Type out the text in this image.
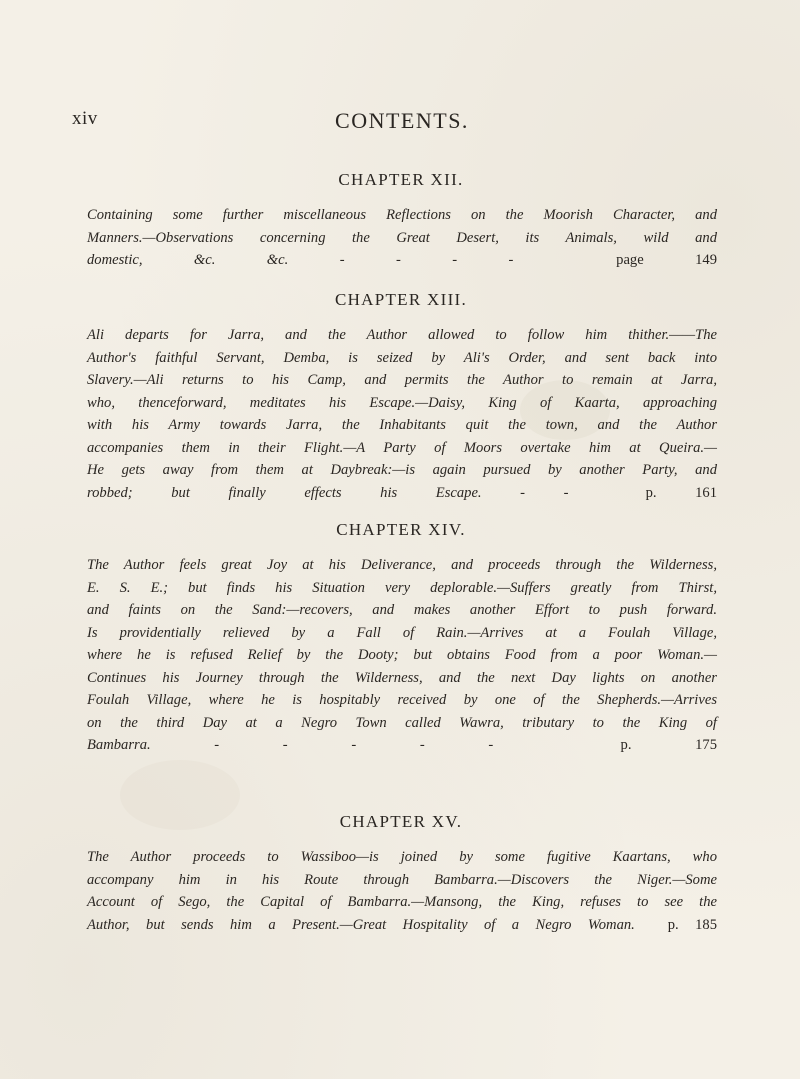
xiv	CONTENTS.
CHAPTER XII.

Containing some further miscellaneous Reflections on the Moorish Character, and
Manners.—Observations concerning the Great Desert, its Animals, wild and
domestic, &c. &c. - - - -	page 149

CHAPTER XIII.

Ali departs for Jarra, and the Author allowed to follow him thither.——The
Author's faithful Servant, Demba, is seized by Ali's Order, and sent back into
Slavery.—Ali returns to his Camp, and permits the Author to remain at Jarra,
who, thenceforward, meditates his Escape.—Daisy, King of Kaarta, approaching
with his Army towards Jarra, the Inhabitants quit the town, and the Author
accompanies them in their Flight.—A Party of Moors overtake him at Queira.—
He gets away from them at Daybreak:—is again pursued by another Party, and
robbed; but finally effects his Escape. - -	p. 161

CHAPTER XIV.

The Author feels great Joy at his Deliverance, and proceeds through the Wilderness,
E. S. E.; but finds his Situation very deplorable.—Suffers greatly from Thirst,
and faints on the Sand:—recovers, and makes another Effort to push forward.
Is providentially relieved by a Fall of Rain.—Arrives at a Foulah Village,
where he is refused Relief by the Dooty; but obtains Food from a poor Woman.—
Continues his Journey through the Wilderness, and the next Day lights on another
Foulah Village, where he is hospitably received by one of the Shepherds.—Arrives
on the third Day at a Negro Town called Wawra, tributary to the King of
Bambarra. - - - - -	p. 175

CHAPTER XV.

The Author proceeds to Wassiboo—is joined by some fugitive Kaartans, who
accompany him in his Route through Bambarra.—Discovers the Niger.—Some
Account of Sego, the Capital of Bambarra.—Mansong, the King, refuses to see the
Author, but sends him a Present.—Great Hospitality of a Negro Woman. p. 185
